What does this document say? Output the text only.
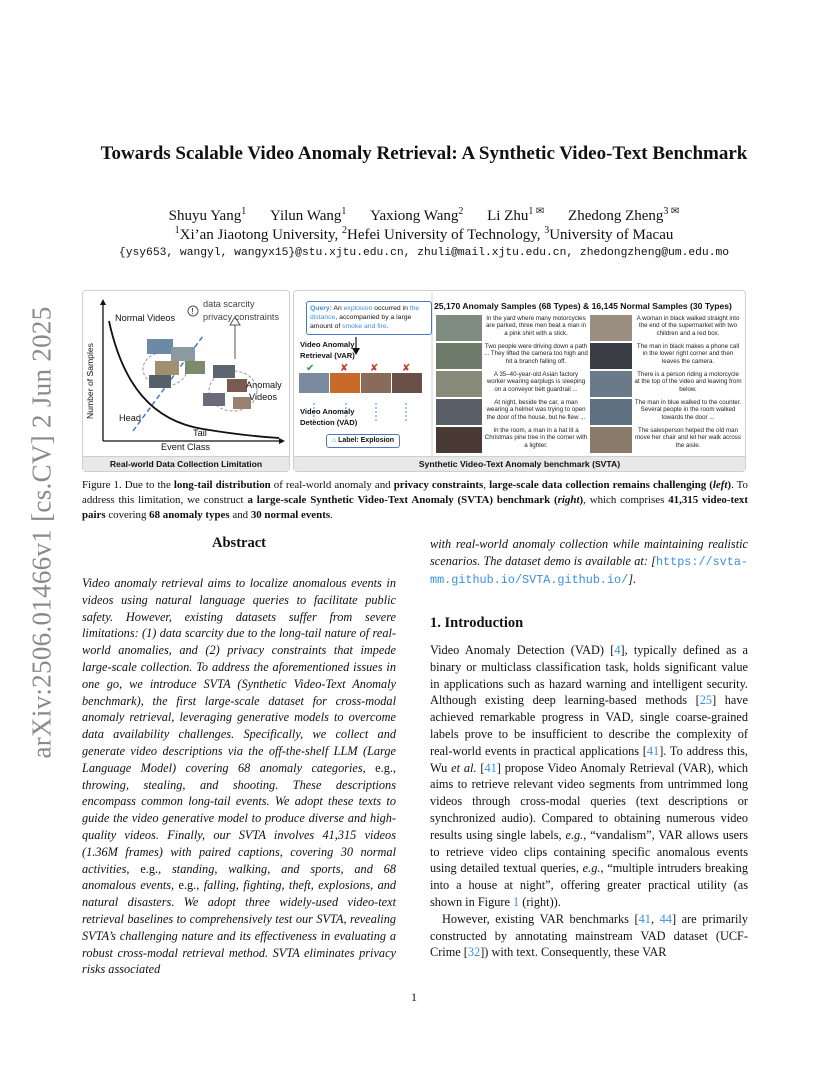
arXiv:2506.01466v1 [cs.CV] 2 Jun 2025
Towards Scalable Video Anomaly Retrieval: A Synthetic Video-Text Benchmark
Shuyu Yang$^1$ Yilun Wang$^1$ Yaxiong Wang$^2$ Li Zhu$^{1 ✉}$ Zhedong Zheng$^{3 ✉}$
$^1$Xi’an Jiaotong University, $^2$Hefei University of Technology, $^3$University of Macau
{ysy653, wangyl, wangyx15}@stu.xjtu.edu.cn, zhuli@mail.xjtu.edu.cn, zhedongzheng@um.edu.mo
!
Number of Samples
Event Class
Head
Tail
Normal Videos
Anomaly
Videos
data scarcity
privacy constraints
Real-world Data Collection Limitation
✔	✘ ✘ ✘
Query: An explosion occurred in the distance, accompanied by a large amount of smoke and fire.
Video Anomaly
Retrieval (VAR)
Video Anomaly
Detection (VAD)
⌂ Label: Explosion
25,170 Anomaly Samples (68 Types) & 16,145 Normal Samples (30 Types)
In the yard where many motorcycles are parked, three men beat a man in a pink shirt with a stick.
Two people were driving down a path ... They lifted the camera too high and hit a branch falling off.
A 35–40-year-old Asian factory worker wearing earplugs is sleeping on a conveyor belt guardrail ...
At night, beside the car, a man wearing a helmet was trying to open the door of the house, but he flew ...
In the room, a man in a hat lit a Christmas pine tree in the corner with a lighter.
A woman in black walked straight into the end of the supermarket with two children and a red box.
The man in black makes a phone call in the lower right corner and then leaves the camera.
There is a person riding a motorcycle at the top of the video and leaving from below.
The man in blue walked to the counter. Several people in the room walked towards the door ...
The salesperson helped the old man move her chair and let her walk across the aisle.
Synthetic Video-Text Anomaly benchmark (SVTA)
Figure 1. Due to the long-tail distribution of real-world anomaly and privacy constraints, large-scale data collection remains challenging (left). To address this limitation, we construct a large-scale Synthetic Video-Text Anomaly (SVTA) benchmark (right), which comprises 41,315 video-text pairs covering 68 anomaly types and 30 normal events.
Abstract
Video anomaly retrieval aims to localize anomalous events in videos using natural language queries to facilitate public safety. However, existing datasets suffer from severe limitations: (1) data scarcity due to the long-tail nature of real-world anomalies, and (2) privacy constraints that impede large-scale collection. To address the aforementioned issues in one go, we introduce SVTA (Synthetic Video-Text Anomaly benchmark), the first large-scale dataset for cross-modal anomaly retrieval, leveraging generative models to overcome data availability challenges. Specifically, we collect and generate video descriptions via the off-the-shelf LLM (Large Language Model) covering 68 anomaly categories, e.g., throwing, stealing, and shooting. These descriptions encompass common long-tail events. We adopt these texts to guide the video generative model to produce diverse and high-quality videos. Finally, our SVTA involves 41,315 videos (1.36M frames) with paired captions, covering 30 normal activities, e.g., standing, walking, and sports, and 68 anomalous events, e.g., falling, fighting, theft, explosions, and natural disasters. We adopt three widely-used video-text retrieval baselines to comprehensively test our SVTA, revealing SVTA’s challenging nature and its effectiveness in evaluating a robust cross-modal retrieval method. SVTA eliminates privacy risks associated
with real-world anomaly collection while maintaining realistic scenarios. The dataset demo is available at: [https://svta-mm.github.io/SVTA.github.io/].
1. Introduction

Video Anomaly Detection (VAD) [4], typically defined as a binary or multiclass classification task, holds significant value in applications such as hazard warning and intelligent security. Although existing deep learning-based methods [25] have achieved remarkable progress in VAD, single coarse-grained labels prove to be insufficient to describe the complexity of real-world events in practical applications [41]. To address this, Wu et al. [41] propose Video Anomaly Retrieval (VAR), which aims to retrieve relevant video segments from untrimmed long videos through cross-modal queries (text descriptions or synchronized audio). Compared to obtaining numerous video results using single labels, e.g., “vandalism”, VAR allows users to retrieve video clips containing specific anomalous events using detailed textual queries, e.g., “multiple intruders breaking into a house at night”, offering greater practical utility (as shown in Figure 1 (right)).

However, existing VAR benchmarks [41, 44] are primarily constructed by annotating mainstream VAD dataset (UCF-Crime [32]) with text. Consequently, these VAR

1
